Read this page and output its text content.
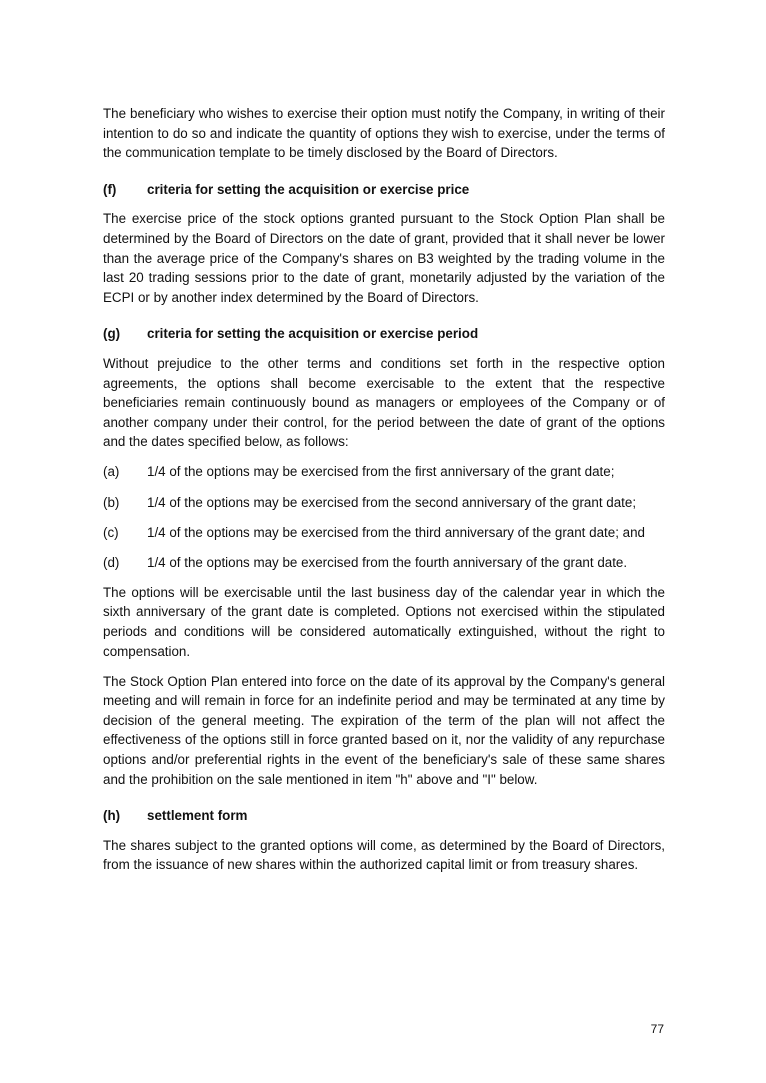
The beneficiary who wishes to exercise their option must notify the Company, in writing of their intention to do so and indicate the quantity of options they wish to exercise, under the terms of the communication template to be timely disclosed by the Board of Directors.

(f)	criteria for setting the acquisition or exercise price

The exercise price of the stock options granted pursuant to the Stock Option Plan shall be determined by the Board of Directors on the date of grant, provided that it shall never be lower than the average price of the Company's shares on B3 weighted by the trading volume in the last 20 trading sessions prior to the date of grant, monetarily adjusted by the variation of the ECPI or by another index determined by the Board of Directors.

(g)	criteria for setting the acquisition or exercise period

Without prejudice to the other terms and conditions set forth in the respective option agreements, the options shall become exercisable to the extent that the respective beneficiaries remain continuously bound as managers or employees of the Company or of another company under their control, for the period between the date of grant of the options and the dates specified below, as follows:

(a)	1/4 of the options may be exercised from the first anniversary of the grant date;
(b)	1/4 of the options may be exercised from the second anniversary of the grant date;
(c) 1/4 of the options may be exercised from the third anniversary of the grant date; and
(d)	1/4 of the options may be exercised from the fourth anniversary of the grant date.

The options will be exercisable until the last business day of the calendar year in which the sixth anniversary of the grant date is completed. Options not exercised within the stipulated periods and conditions will be considered automatically extinguished, without the right to compensation.

The Stock Option Plan entered into force on the date of its approval by the Company's general meeting and will remain in force for an indefinite period and may be terminated at any time by decision of the general meeting. The expiration of the term of the plan will not affect the effectiveness of the options still in force granted based on it, nor the validity of any repurchase options and/or preferential rights in the event of the beneficiary's sale of these same shares and the prohibition on the sale mentioned in item "h" above and "I" below.

(h)	settlement form

The shares subject to the granted options will come, as determined by the Board of Directors, from the issuance of new shares within the authorized capital limit or from treasury shares.

77
